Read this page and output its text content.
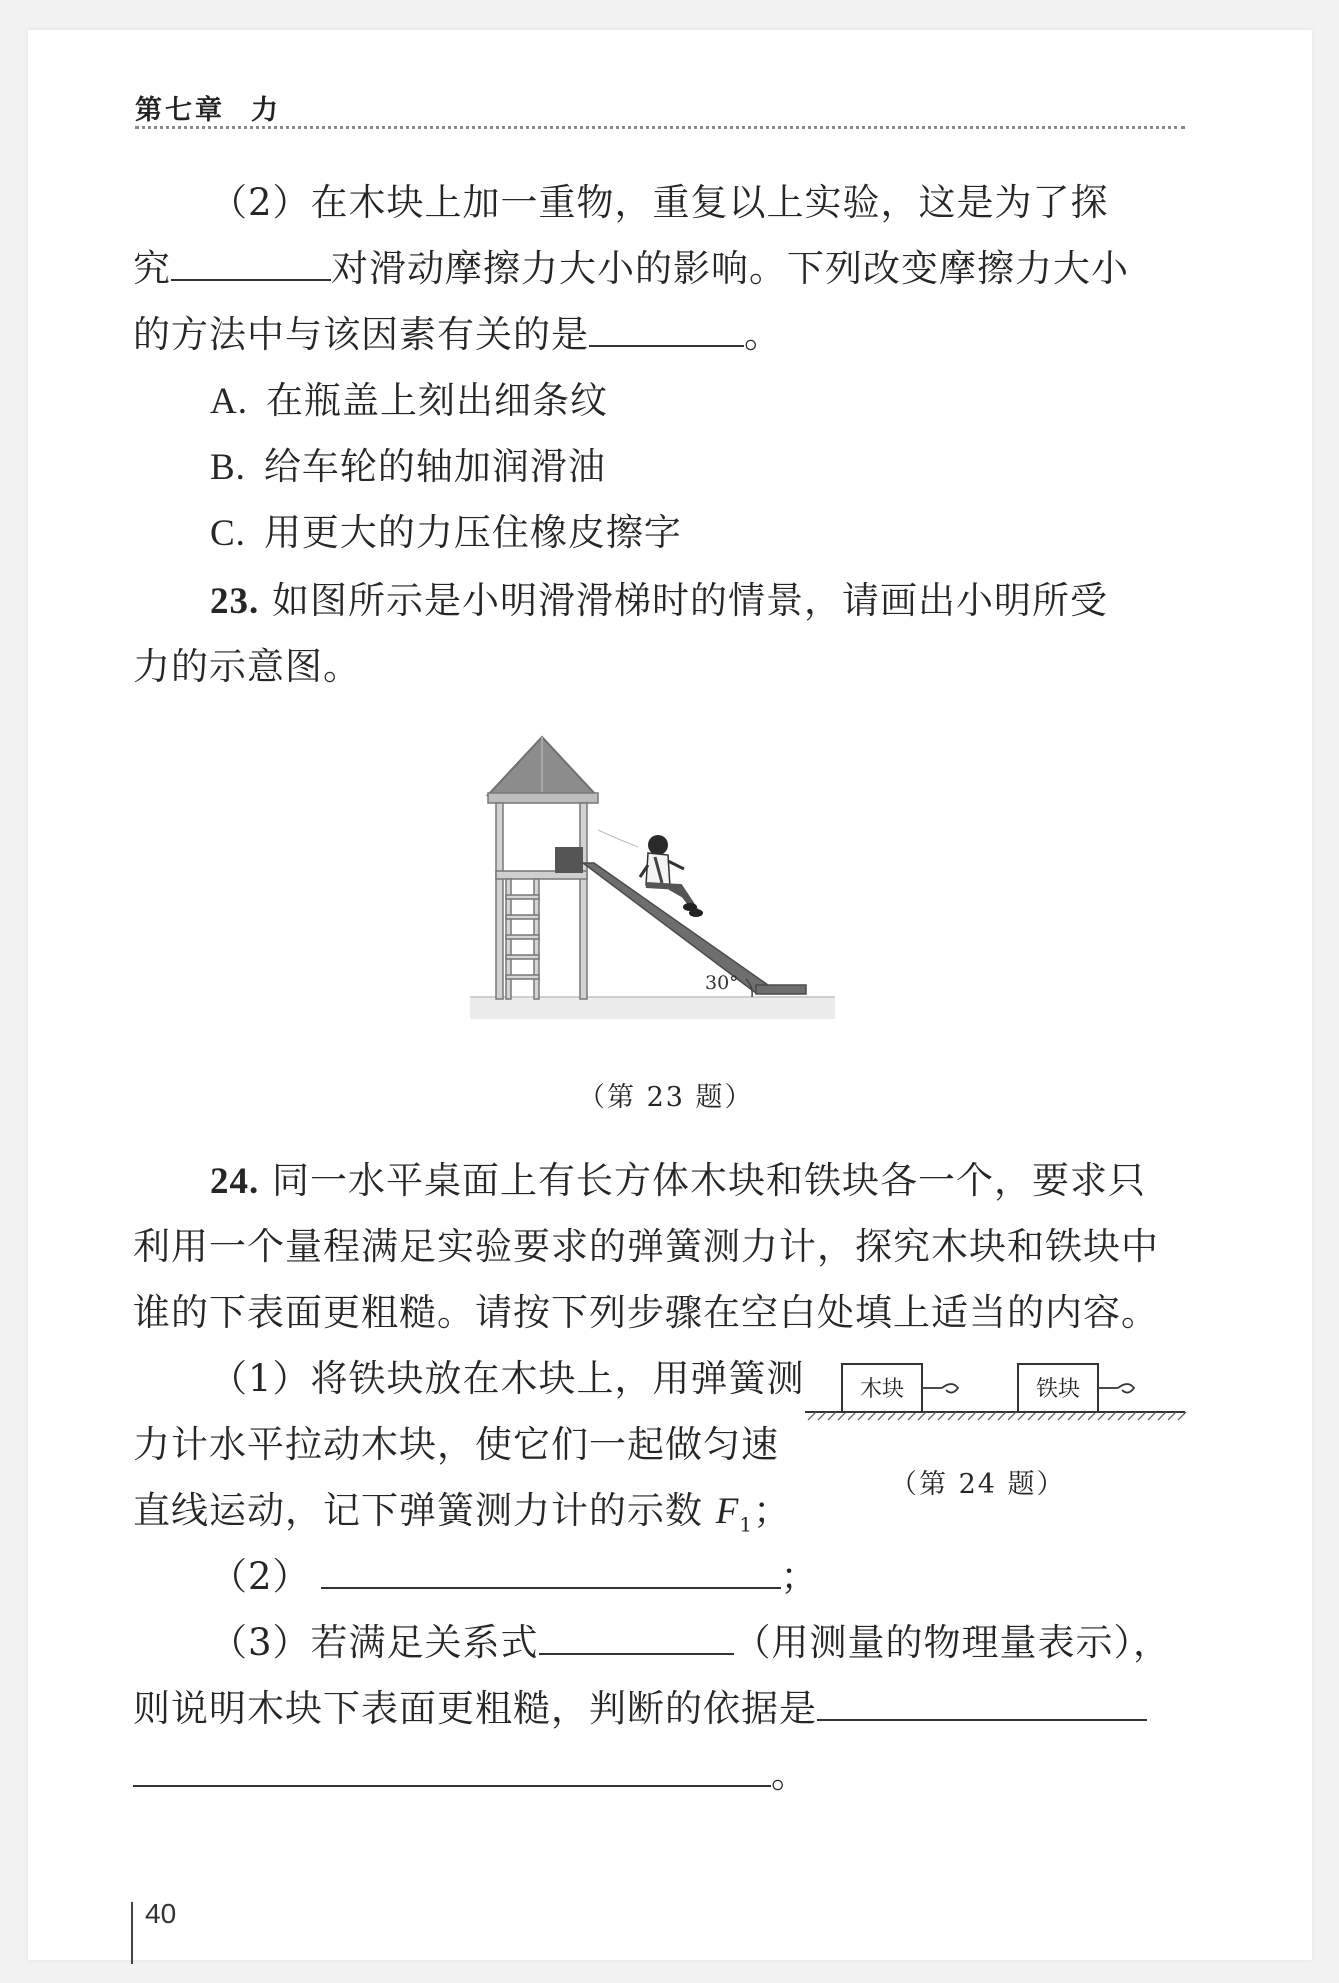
第七章 力
（2）在木块上加一重物，重复以上实验，这是为了探
究	对滑动摩擦力大小的影响。下列改变摩擦力大小
的方法中与该因素有关的是	。
A. 在瓶盖上刻出细条纹
B. 给车轮的轴加润滑油
C. 用更大的力压住橡皮擦字
23. 如图所示是小明滑滑梯时的情景，请画出小明所受
力的示意图。
30°
（第 23 题）
24. 同一水平桌面上有长方体木块和铁块各一个，要求只
利用一个量程满足实验要求的弹簧测力计，探究木块和铁块中
谁的下表面更粗糙。请按下列步骤在空白处填上适当的内容。
（1）将铁块放在木块上，用弹簧测
力计水平拉动木块，使它们一起做匀速
直线运动，记下弹簧测力计的示数 $F_1$；
木块	铁块
（第 24 题）
（2）	；
（3）若满足关系式	（用测量的物理量表示），
则说明木块下表面更粗糙，判断的依据是
。
40
